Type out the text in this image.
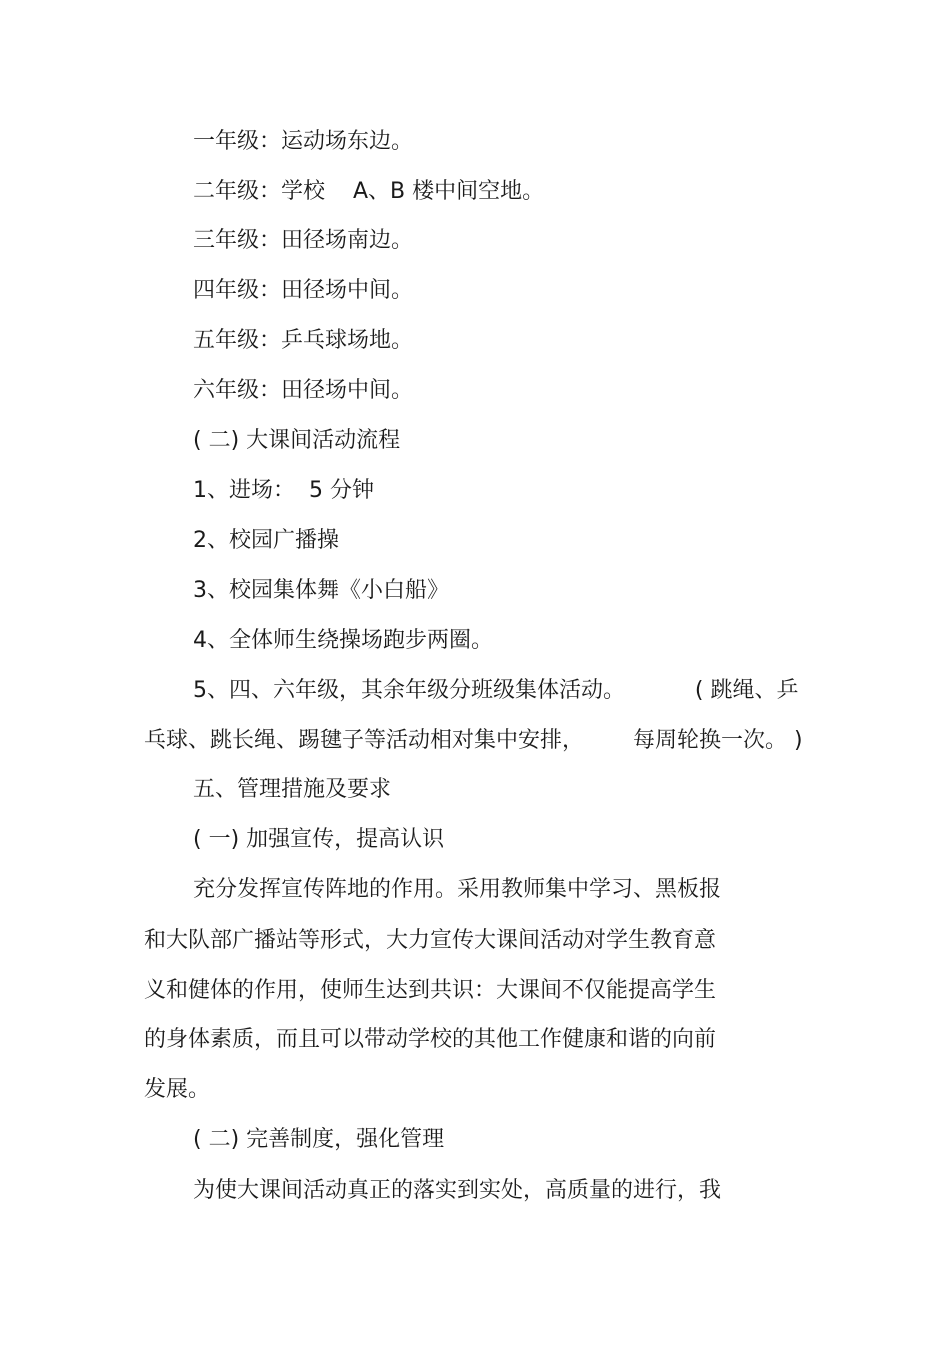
一年级：运动场东边。
二年级：学校    A、B 楼中间空地。
三年级：田径场南边。
四年级：田径场中间。
五年级：乒乓球场地。
六年级：田径场中间。
( 二) 大课间活动流程
1、进场：  5 分钟
2、校园广播操
3、校园集体舞《小白船》
4、全体师生绕操场跑步两圈。
5、四、六年级，其余年级分班级集体活动。          ( 跳绳、乒
乓球、跳长绳、踢毽子等活动相对集中安排，       每周轮换一次。 )
五、管理措施及要求
( 一) 加强宣传，提高认识
充分发挥宣传阵地的作用。采用教师集中学习、黑板报
和大队部广播站等形式，大力宣传大课间活动对学生教育意
义和健体的作用，使师生达到共识：大课间不仅能提高学生
的身体素质，而且可以带动学校的其他工作健康和谐的向前
发展。
( 二) 完善制度，强化管理
为使大课间活动真正的落实到实处，高质量的进行，我
